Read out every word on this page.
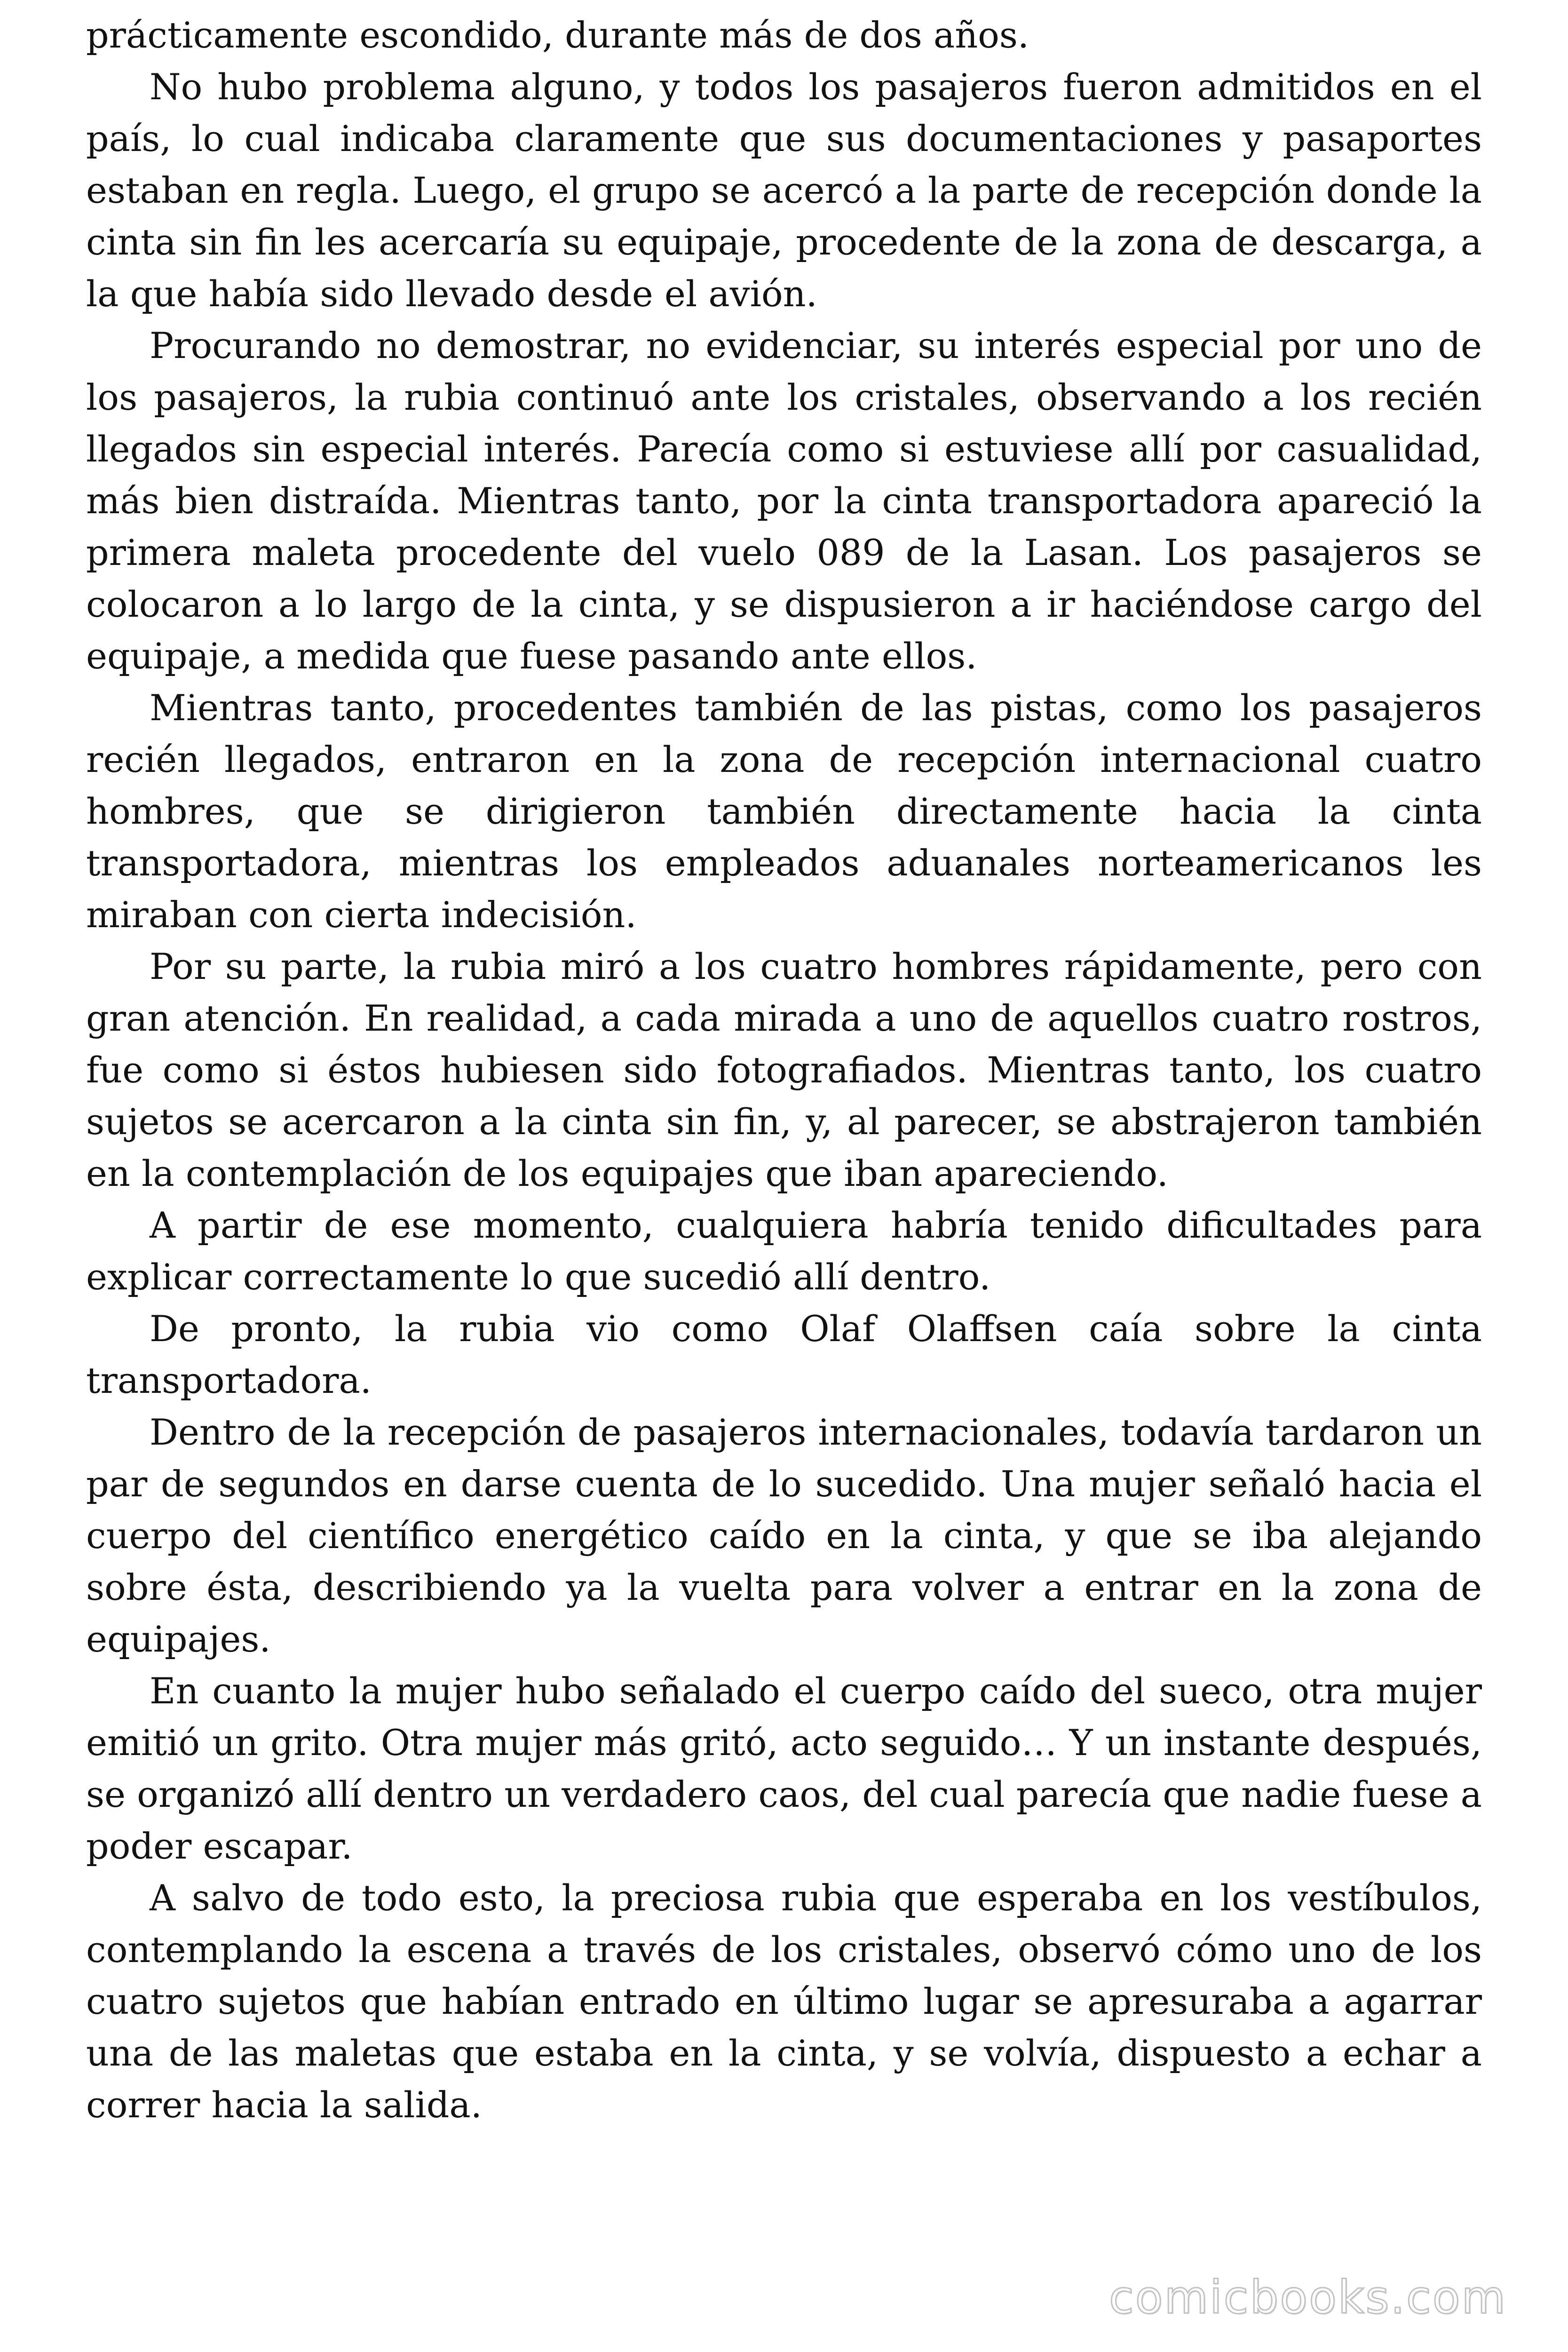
prácticamente escondido, durante más de dos años.

No hubo problema alguno, y todos los pasajeros fueron admitidos en el país, lo cual indicaba claramente que sus documentaciones y pasaportes estaban en regla. Luego, el grupo se acercó a la parte de recepción donde la cinta sin fin les acercaría su equipaje, procedente de la zona de descarga, a la que había sido llevado desde el avión.

Procurando no demostrar, no evidenciar, su interés especial por uno de los pasajeros, la rubia continuó ante los cristales, observando a los recién llegados sin especial interés. Parecía como si estuviese allí por casualidad, más bien distraída. Mientras tanto, por la cinta transportadora apareció la primera maleta procedente del vuelo 089 de la Lasan. Los pasajeros se colocaron a lo largo de la cinta, y se dispusieron a ir haciéndose cargo del equipaje, a medida que fuese pasando ante ellos.

Mientras tanto, procedentes también de las pistas, como los pasajeros recién llegados, entraron en la zona de recepción internacional cuatro hombres, que se dirigieron también directamente hacia la cinta transportadora, mientras los empleados aduanales norteamericanos les miraban con cierta indecisión.

Por su parte, la rubia miró a los cuatro hombres rápidamente, pero con gran atención. En realidad, a cada mirada a uno de aquellos cuatro rostros, fue como si éstos hubiesen sido fotografiados. Mientras tanto, los cuatro sujetos se acercaron a la cinta sin fin, y, al parecer, se abstrajeron también en la contemplación de los equipajes que iban apareciendo.

A partir de ese momento, cualquiera habría tenido dificultades para explicar correctamente lo que sucedió allí dentro.

De pronto, la rubia vio como Olaf Olaffsen caía sobre la cinta transportadora.

Dentro de la recepción de pasajeros internacionales, todavía tardaron un par de segundos en darse cuenta de lo sucedido. Una mujer señaló hacia el cuerpo del científico energético caído en la cinta, y que se iba alejando sobre ésta, describiendo ya la vuelta para volver a entrar en la zona de equipajes.

En cuanto la mujer hubo señalado el cuerpo caído del sueco, otra mujer emitió un grito. Otra mujer más gritó, acto seguido… Y un instante después, se organizó allí dentro un verdadero caos, del cual parecía que nadie fuese a poder escapar.

A salvo de todo esto, la preciosa rubia que esperaba en los vestíbulos, contemplando la escena a través de los cristales, observó cómo uno de los cuatro sujetos que habían entrado en último lugar se apresuraba a agarrar una de las maletas que estaba en la cinta, y se volvía, dispuesto a echar a correr hacia la salida.

comicbooks.com
